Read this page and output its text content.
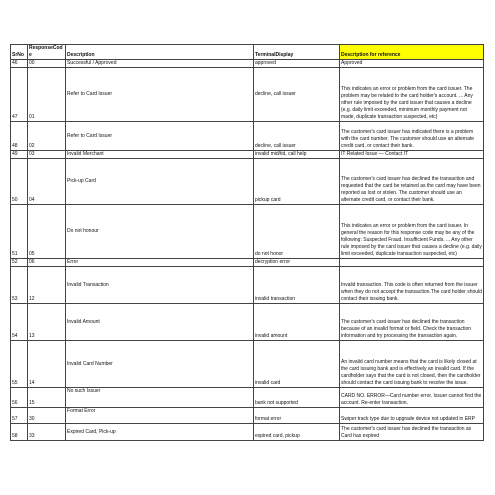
SrNo	ResponseCode	Description	TerminalDisplay	Description for reference
46	00	Successful / Approved	approved	Approved
47	01	Refer to Card Issuer	decline, call issuer	This indicates an error or problem from the card issuer. The problem may be related to the card holder's account. ... Any other rule imposed by the card issuer that causes a decline (e.g. daily limit exceeded, minimum monthly payment not made, duplicate transaction suspected, etc)
48	02	Refer to Card Issuer	decline, call issuer	The customer's card issuer has indicated there is a problem with the card number. The customer should use an alternate credit card, or contact their bank.
49	03	Invalid Merchant	invalid mid/tid, call help	IT Related Issue — Contact IT
50	04	Pick-up Card	pickup card	The customer's card issuer has declined the transaction and requested that the card be retained as the card may have been reported as lost or stolen. The customer should use an alternate credit card, or contact their bank.
51	05	Do not honour	do not honor	This indicates an error or problem from the card issuer. In general the reason for this response code may be any of the following: Suspected Fraud. Insufficient Funds. ... Any other rule imposed by the card issuer that causes a decline (e.g. daily limit exceeded, duplicate transaction suspected, etc)
52	06	Error	decryption error	
53	12	Invalid Transaction	invalid transaction	Invalid transaction. This code is often returned from the issuer when they do not accept the transaction.The card holder should contact their issuing bank.
54	13	Invalid Amount	invalid amount	The customer's card issuer has declined the transaction because of an invalid format or field. Check the transaction information and try processing the transaction again.
55	14	Invalid Card Number	invalid card	An invalid card number means that the card is likely closed at the card issuing bank and is effectively an invalid card. If the cardholder says that the card is not closed, then the cardholder should contact the card issuing bank to resolve the issue.
56	15	No such Issuer	bank not supported	CARD NO. ERROR—Card number error. Issuer cannot find the account. Re-enter transaction.
57	30	Format Error	format error	Swiper track type due to upgrade device not updated in ERP
58	33	Expired Card, Pick-up	expired card, pickup	The customer's card issuer has declined the transaction as Card has expired
